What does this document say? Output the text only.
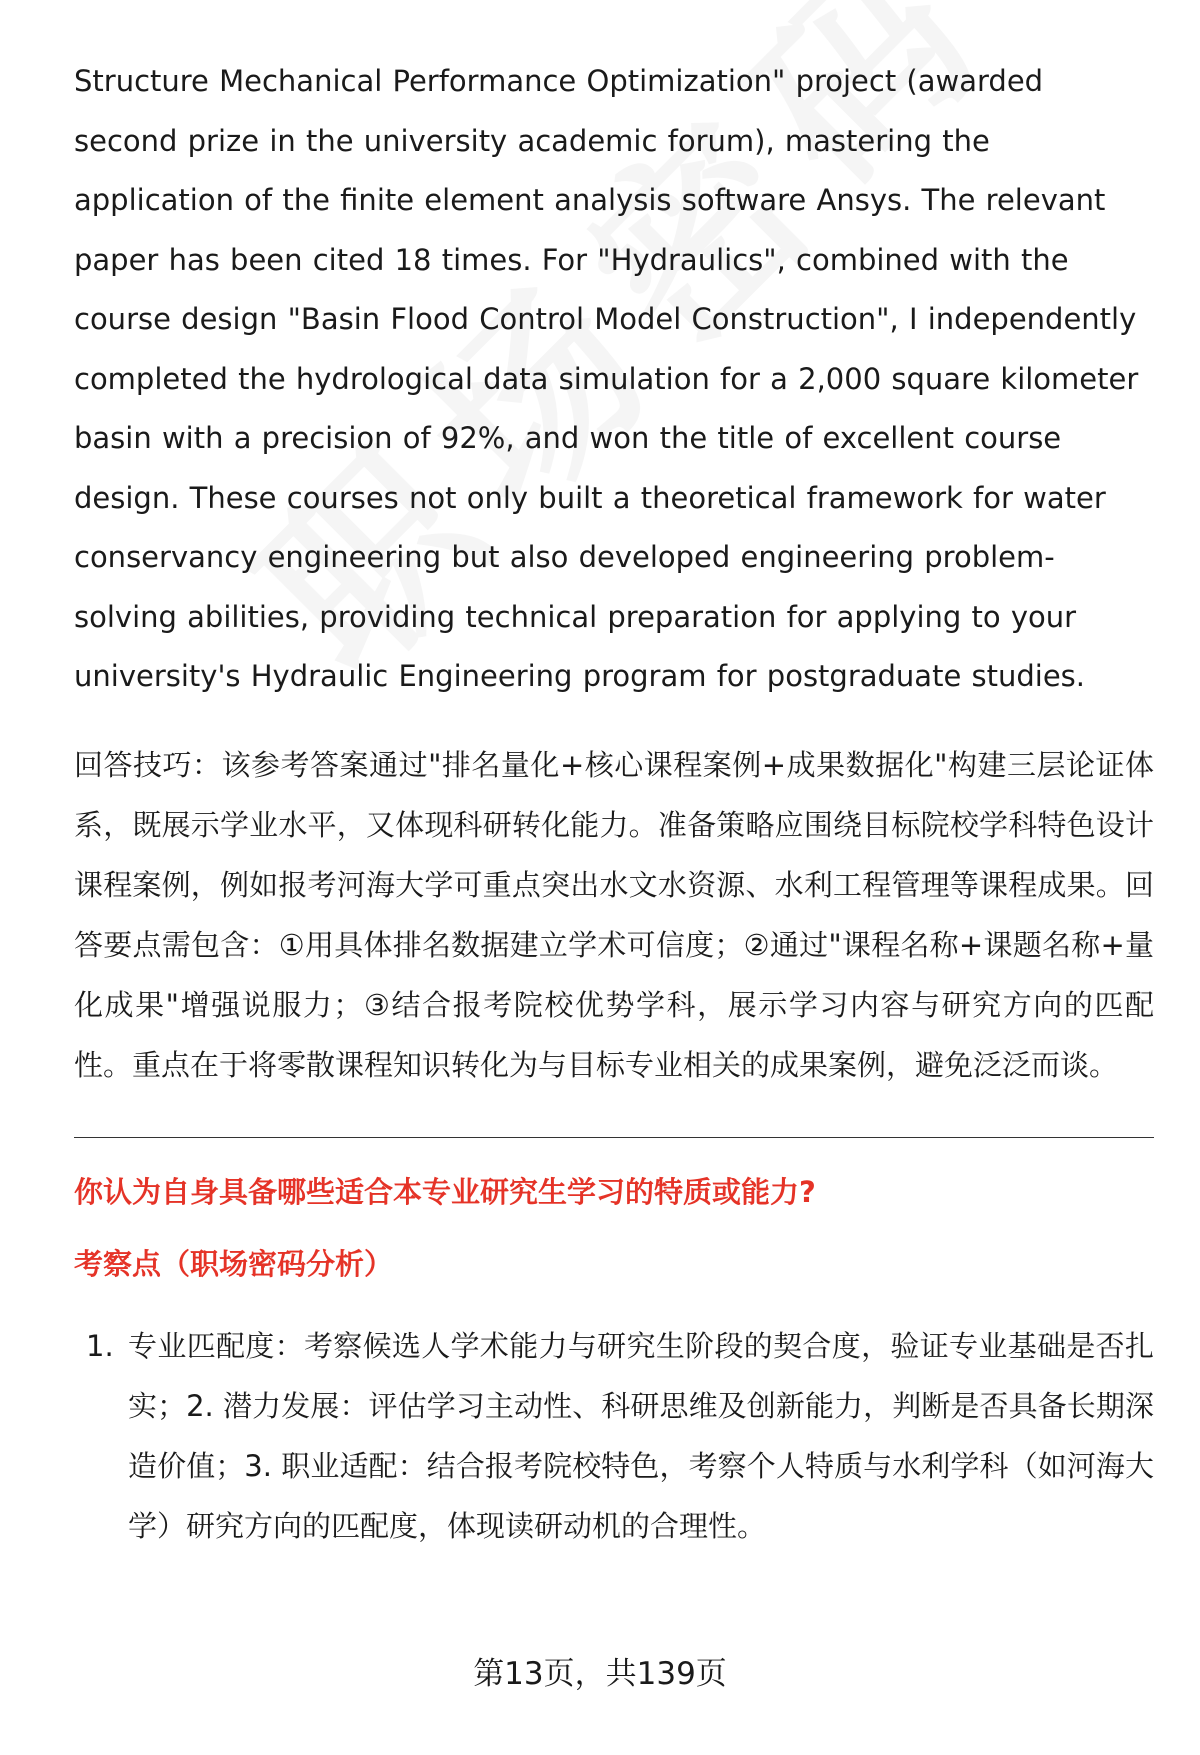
Structure Mechanical Performance Optimization" project (awarded second prize in the university academic forum), mastering the application of the finite element analysis software Ansys. The relevant paper has been cited 18 times. For "Hydraulics", combined with the course design "Basin Flood Control Model Construction", I independently completed the hydrological data simulation for a 2,000 square kilometer basin with a precision of 92%, and won the title of excellent course design. These courses not only built a theoretical framework for water conservancy engineering but also developed engineering problem-solving abilities, providing technical preparation for applying to your university's Hydraulic Engineering program for postgraduate studies.

回答技巧：该参考答案通过"排名量化+核心课程案例+成果数据化"构建三层论证体系，既展示学业水平，又体现科研转化能力。准备策略应围绕目标院校学科特色设计课程案例，例如报考河海大学可重点突出水文水资源、水利工程管理等课程成果。回答要点需包含：①用具体排名数据建立学术可信度；②通过"课程名称+课题名称+量化成果"增强说服力；③结合报考院校优势学科，展示学习内容与研究方向的匹配性。重点在于将零散课程知识转化为与目标专业相关的成果案例，避免泛泛而谈。

你认为自身具备哪些适合本专业研究生学习的特质或能力?
考察点（职场密码分析）
1. 专业匹配度：考察候选人学术能力与研究生阶段的契合度，验证专业基础是否扎实；2. 潜力发展：评估学习主动性、科研思维及创新能力，判断是否具备长期深造价值；3. 职业适配：结合报考院校特色，考察个人特质与水利学科（如河海大学）研究方向的匹配度，体现读研动机的合理性。
第13页，共139页
